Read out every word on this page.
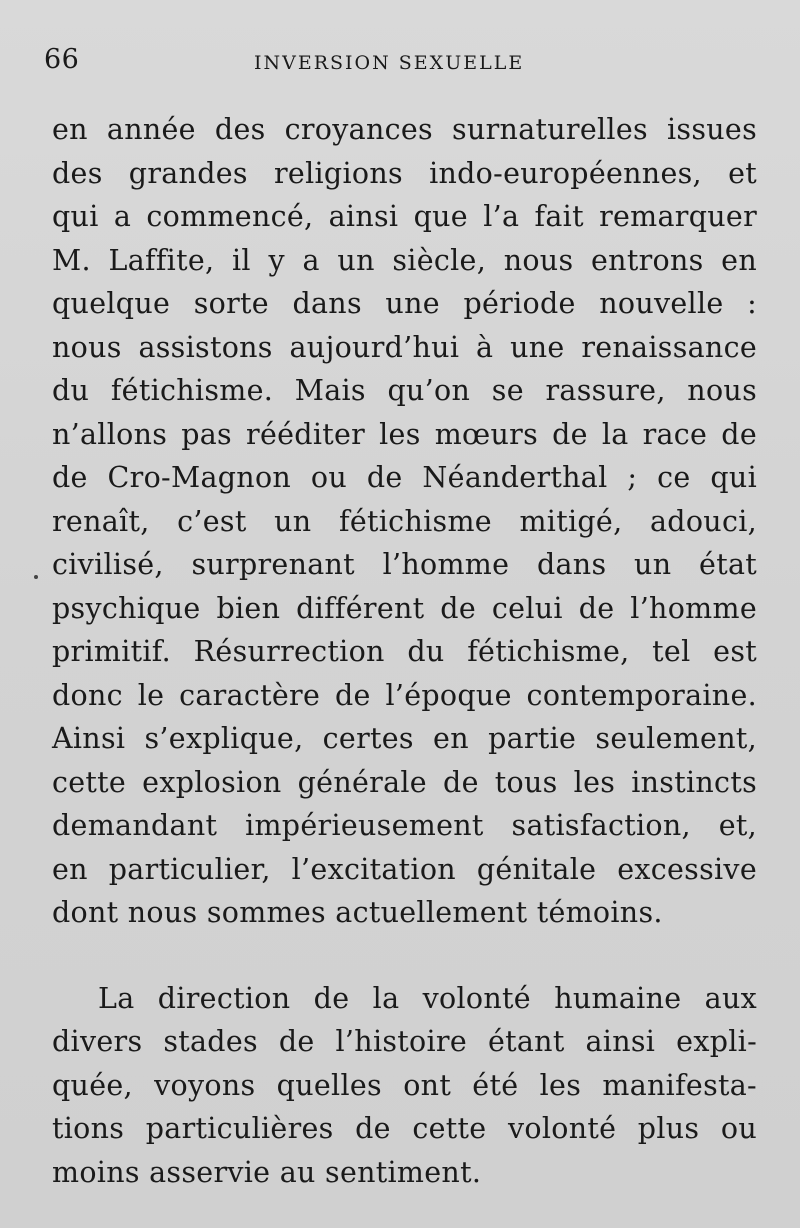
66	INVERSION SEXUELLE
en année des croyances surnaturelles issues
des grandes religions indo-européennes, et
qui a commencé, ainsi que l’a fait remarquer
M. Laffite, il y a un siècle, nous entrons en
quelque sorte dans une période nouvelle :
nous assistons aujourd’hui à une renaissance
du fétichisme. Mais qu’on se rassure, nous
n’allons pas rééditer les mœurs de la race de
de Cro-Magnon ou de Néanderthal ; ce qui
renaît, c’est un fétichisme mitigé, adouci,
civilisé, surprenant l’homme dans un état
psychique bien différent de celui de l’homme
primitif. Résurrection du fétichisme, tel est
donc le caractère de l’époque contemporaine.
Ainsi s’explique, certes en partie seulement,
cette explosion générale de tous les instincts
demandant impérieusement satisfaction, et,
en particulier, l’excitation génitale excessive
dont nous sommes actuellement témoins.
La direction de la volonté humaine aux
divers stades de l’histoire étant ainsi expli-
quée, voyons quelles ont été les manifesta-
tions particulières de cette volonté plus ou
moins asservie au sentiment.
